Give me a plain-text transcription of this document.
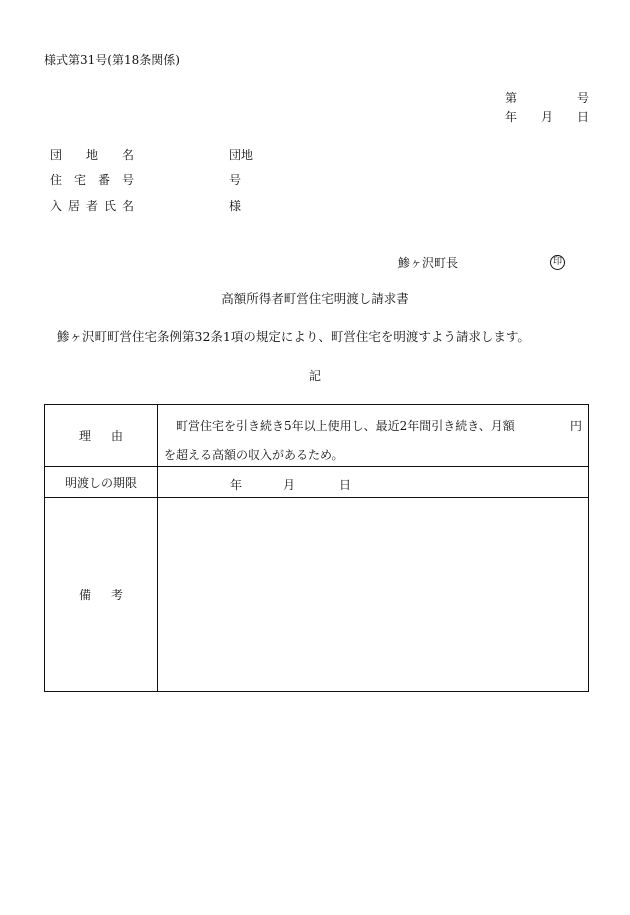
様式第31号(第18条関係)
第	号
年 月 日
団 地 名	団地
住 宅 番 号	号
入 居 者 氏 名	様
鯵ヶ沢町長	印
高額所得者町営住宅明渡し請求書
鯵ヶ沢町町営住宅条例第32条1項の規定により、町営住宅を明渡すよう請求します。
記
理 由	町営住宅を引き続き5年以上使用し、最近2年間引き続き、月額 円
を超える高額の収入があるため。

明渡しの期限	年 月 日

備 考	
